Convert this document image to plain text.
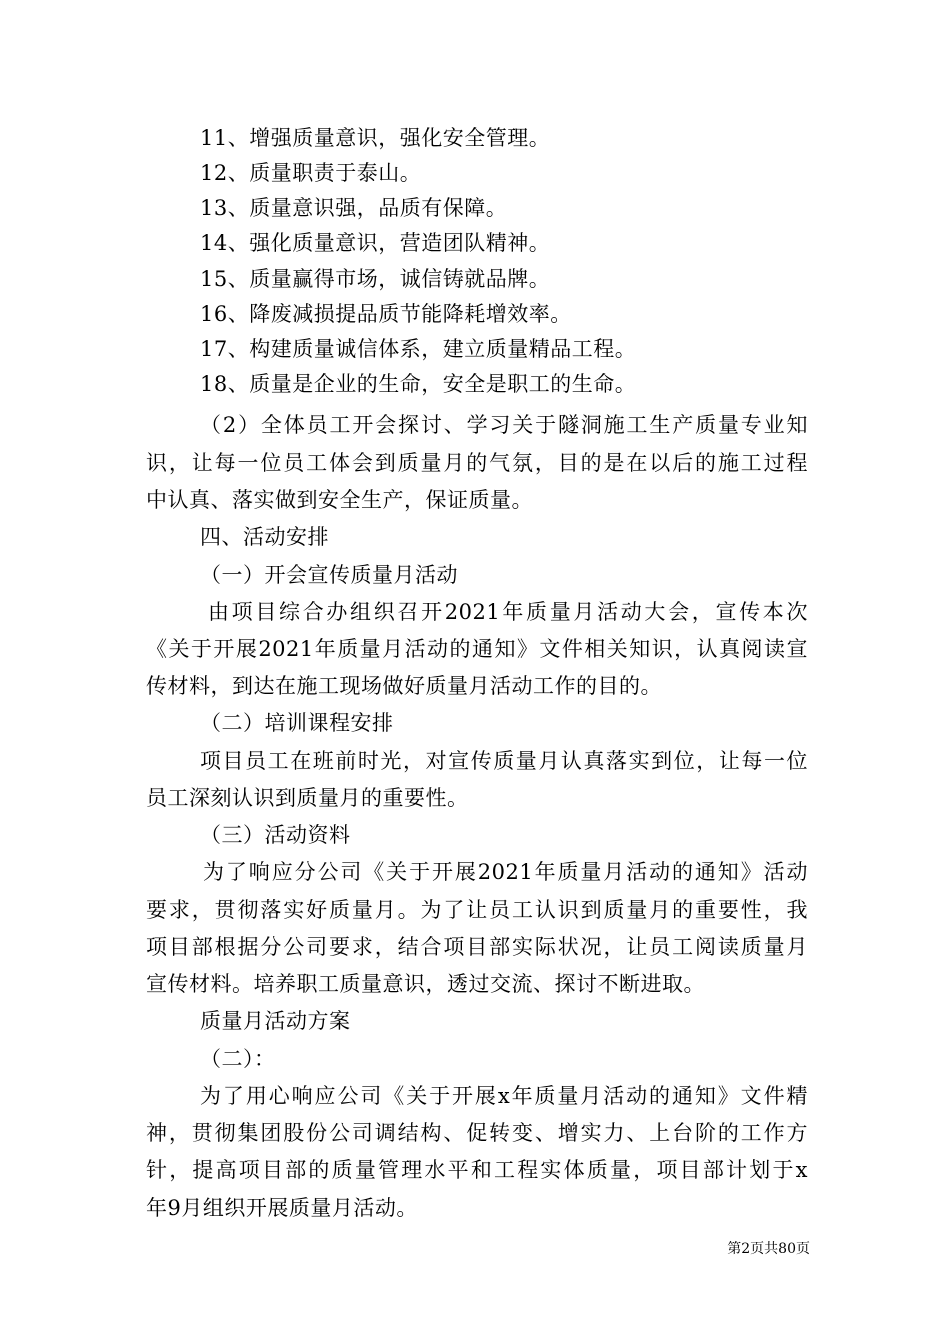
11、增强质量意识，强化安全管理。
12、质量职责于泰山。
13、质量意识强，品质有保障。
14、强化质量意识，营造团队精神。
15、质量赢得市场，诚信铸就品牌。
16、降废减损提品质节能降耗增效率。
17、构建质量诚信体系，建立质量精品工程。
18、质量是企业的生命，安全是职工的生命。
（2）全体员工开会探讨、学习关于隧洞施工生产质量专业知
识，让每一位员工体会到质量月的气氛，目的是在以后的施工过程
中认真、落实做到安全生产，保证质量。
四、活动安排
（一）开会宣传质量月活动
由项目综合办组织召开2021年质量月活动大会，宣传本次
《关于开展2021年质量月活动的通知》文件相关知识，认真阅读宣
传材料，到达在施工现场做好质量月活动工作的目的。
（二）培训课程安排
项目员工在班前时光，对宣传质量月认真落实到位，让每一位
员工深刻认识到质量月的重要性。
（三）活动资料
为了响应分公司《关于开展2021年质量月活动的通知》活动
要求，贯彻落实好质量月。为了让员工认识到质量月的重要性，我
项目部根据分公司要求，结合项目部实际状况，让员工阅读质量月
宣传材料。培养职工质量意识，透过交流、探讨不断进取。
质量月活动方案
（二）：
为了用心响应公司《关于开展x年质量月活动的通知》文件精
神，贯彻集团股份公司调结构、促转变、增实力、上台阶的工作方
针，提高项目部的质量管理水平和工程实体质量，项目部计划于x
年9月组织开展质量月活动。
第2页共80页
